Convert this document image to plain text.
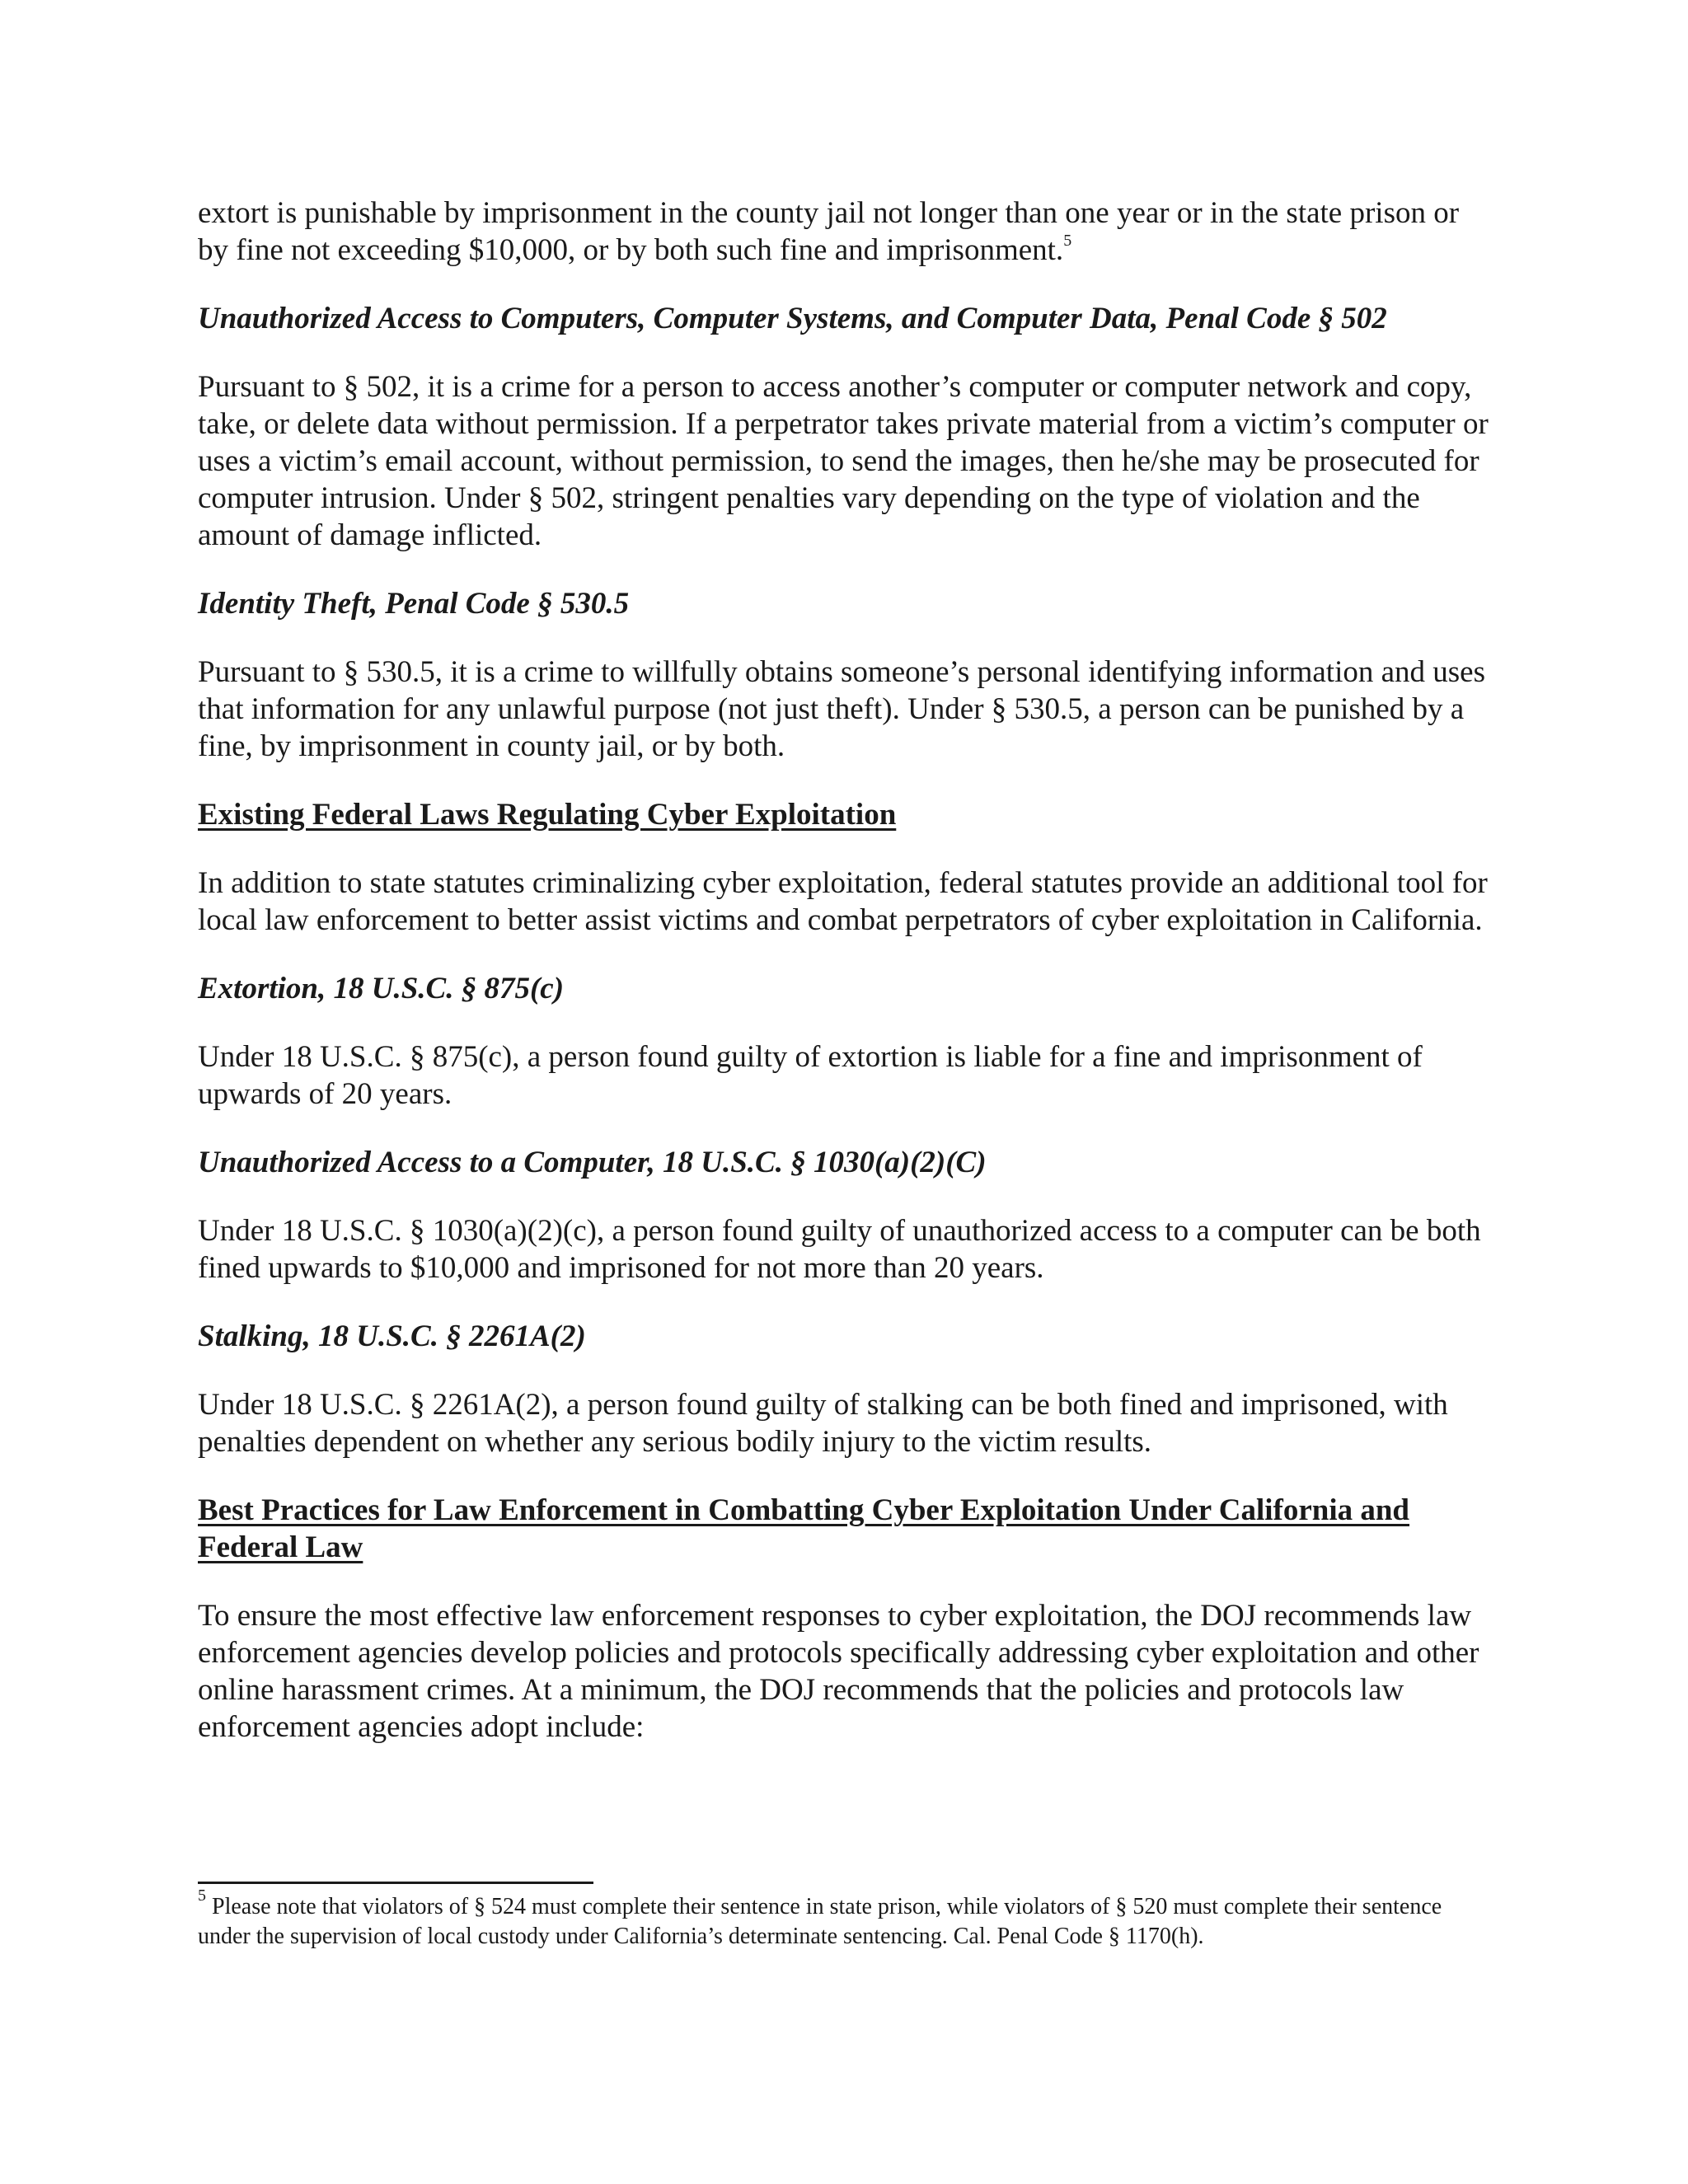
extort is punishable by imprisonment in the county jail not longer than one year or in the state prison or by fine not exceeding $10,000, or by both such fine and imprisonment.$^5$

Unauthorized Access to Computers, Computer Systems, and Computer Data, Penal Code § 502

Pursuant to § 502, it is a crime for a person to access another’s computer or computer network and copy, take, or delete data without permission. If a perpetrator takes private material from a victim’s computer or uses a victim’s email account, without permission, to send the images, then he/she may be prosecuted for computer intrusion. Under § 502, stringent penalties vary depending on the type of violation and the amount of damage inflicted.

Identity Theft, Penal Code § 530.5

Pursuant to § 530.5, it is a crime to willfully obtains someone’s personal identifying information and uses that information for any unlawful purpose (not just theft). Under § 530.5, a person can be punished by a fine, by imprisonment in county jail, or by both.

Existing Federal Laws Regulating Cyber Exploitation

In addition to state statutes criminalizing cyber exploitation, federal statutes provide an additional tool for local law enforcement to better assist victims and combat perpetrators of cyber exploitation in California.

Extortion, 18 U.S.C. § 875(c)

Under 18 U.S.C. § 875(c), a person found guilty of extortion is liable for a fine and imprisonment of upwards of 20 years.

Unauthorized Access to a Computer, 18 U.S.C. § 1030(a)(2)(C)

Under 18 U.S.C. § 1030(a)(2)(c), a person found guilty of unauthorized access to a computer can be both fined upwards to $10,000 and imprisoned for not more than 20 years.

Stalking, 18 U.S.C. § 2261A(2)

Under 18 U.S.C. § 2261A(2), a person found guilty of stalking can be both fined and imprisoned, with penalties dependent on whether any serious bodily injury to the victim results.

Best Practices for Law Enforcement in Combatting Cyber Exploitation Under California and Federal Law

To ensure the most effective law enforcement responses to cyber exploitation, the DOJ recommends law enforcement agencies develop policies and protocols specifically addressing cyber exploitation and other online harassment crimes. At a minimum, the DOJ recommends that the policies and protocols law enforcement agencies adopt include:

$^5$ Please note that violators of § 524 must complete their sentence in state prison, while violators of § 520 must complete their sentence under the supervision of local custody under California’s determinate sentencing. Cal. Penal Code § 1170(h).
